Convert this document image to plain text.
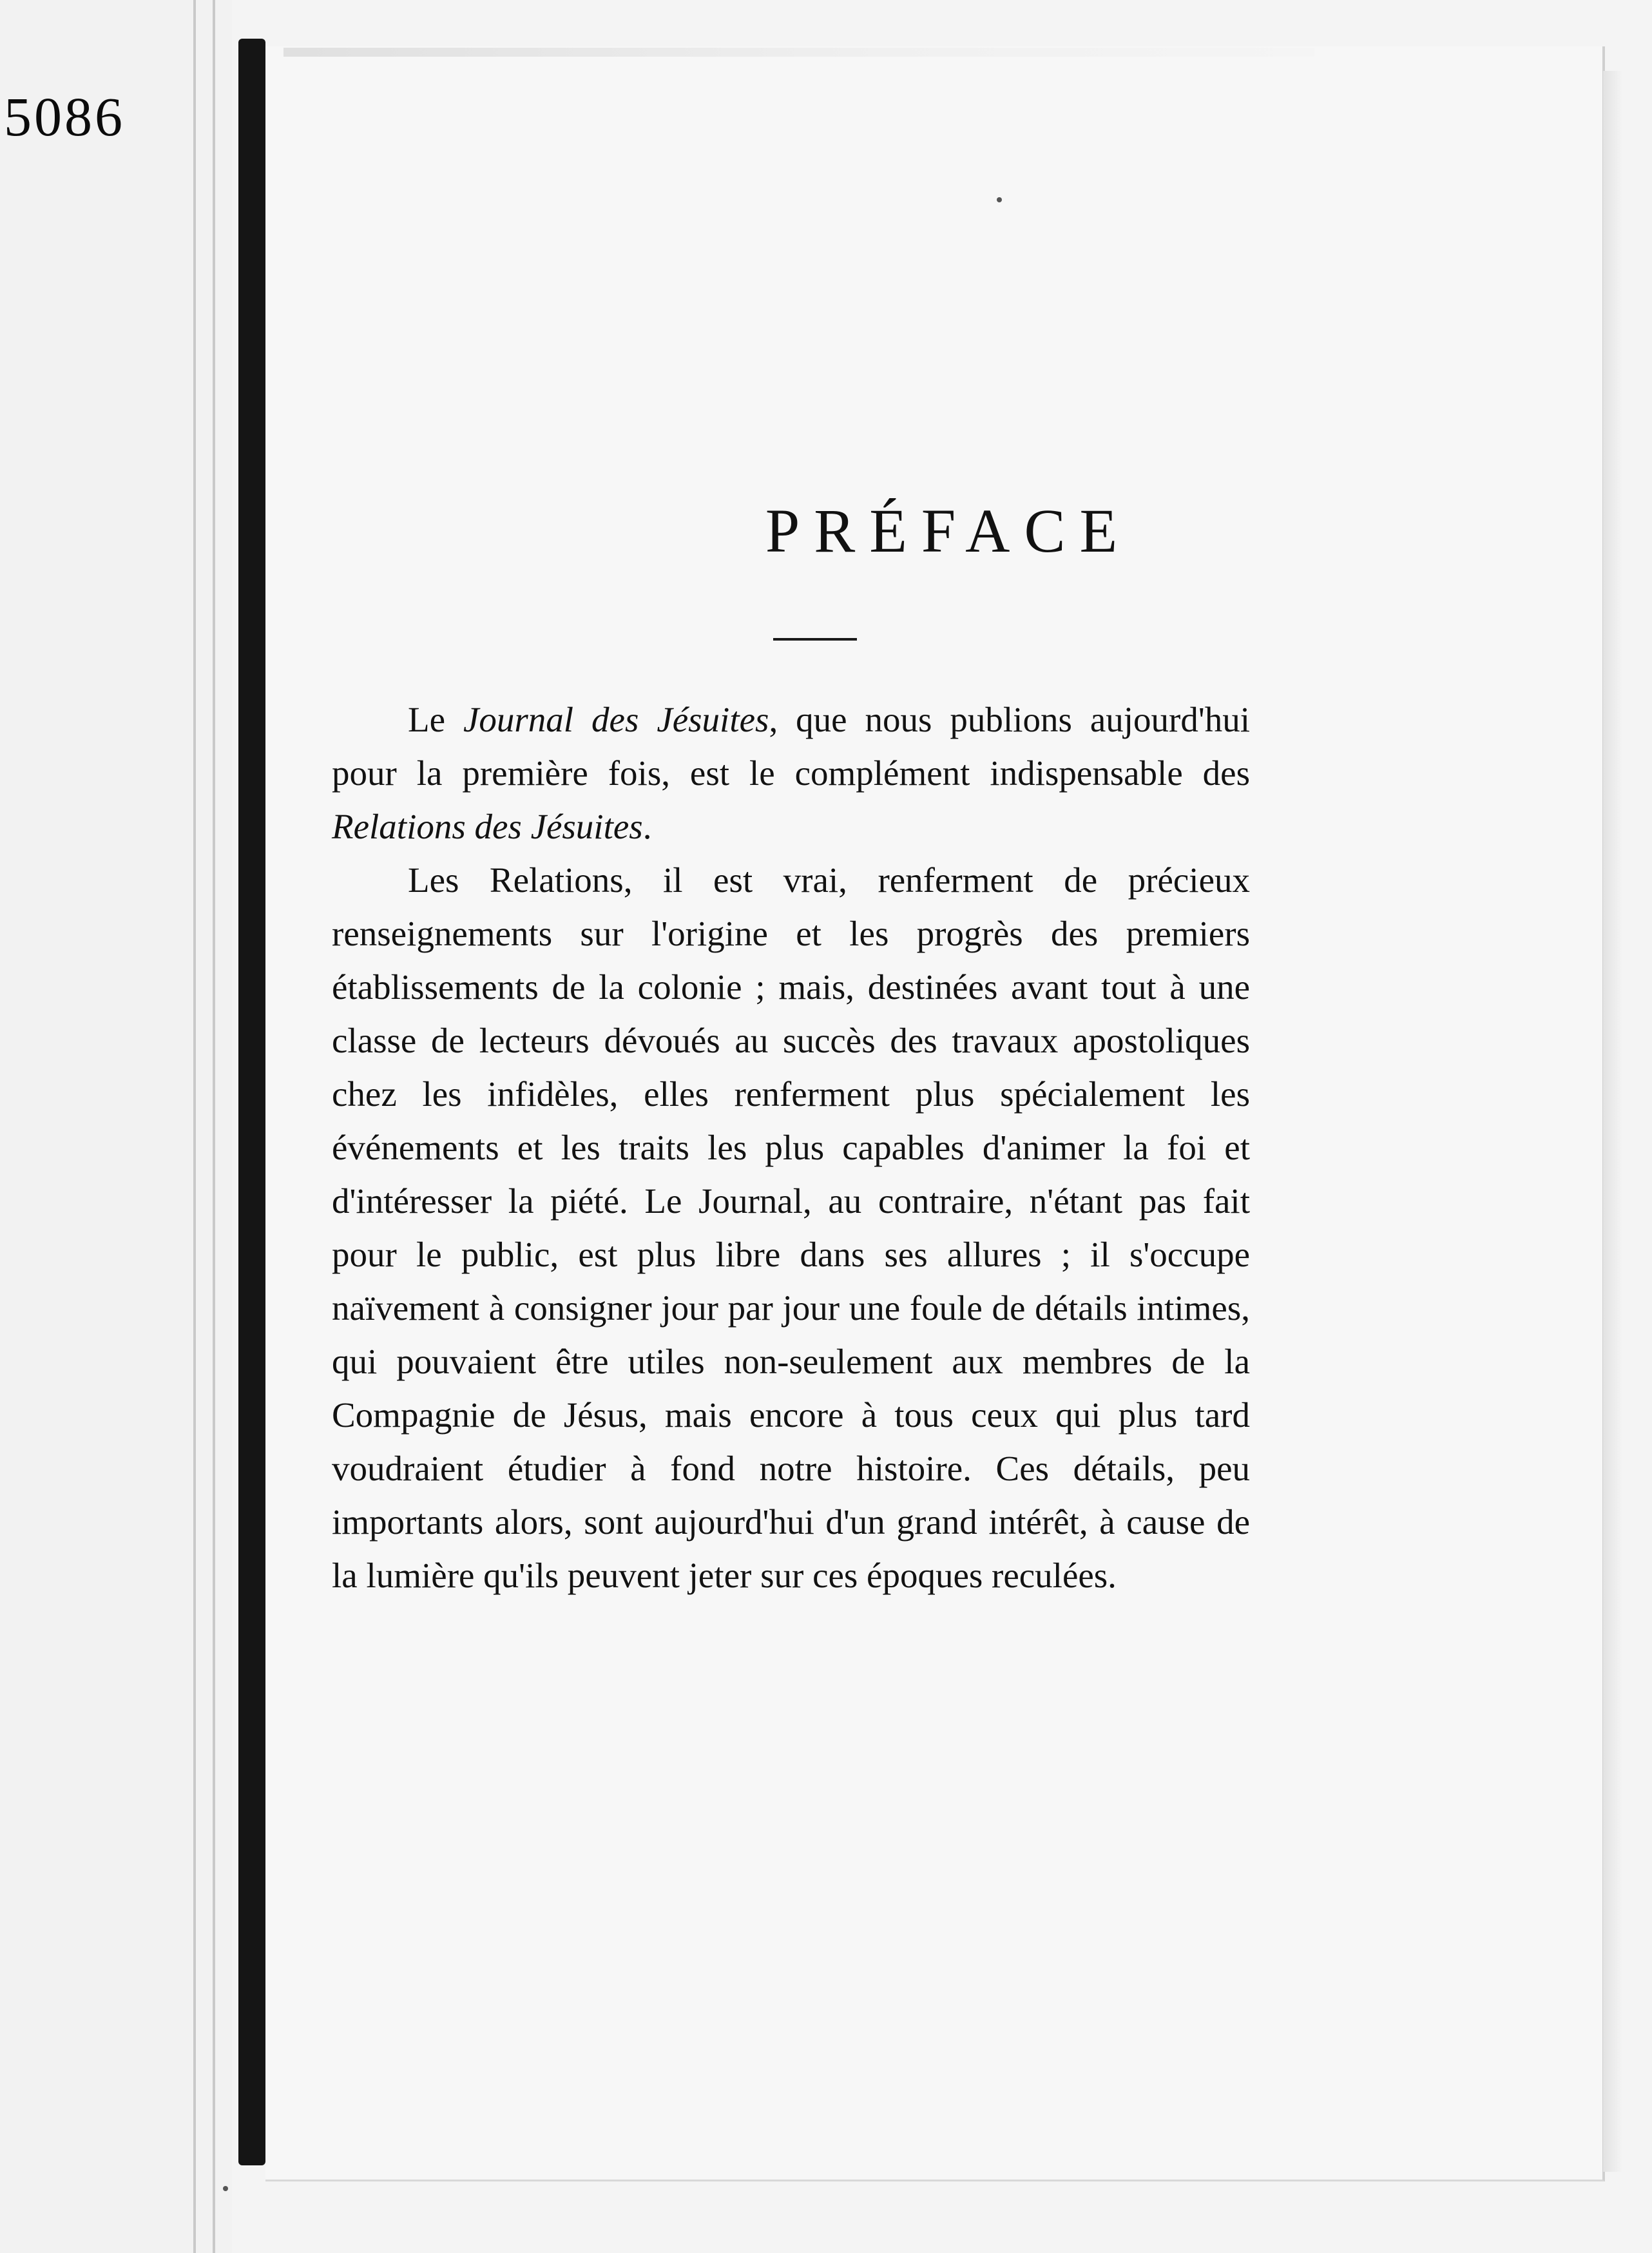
5086
PRÉFACE

Le Journal des Jésuites, que nous publions aujourd'hui pour la première fois, est le complément indispensable des Relations des Jésuites.

Les Relations, il est vrai, renferment de précieux renseignements sur l'origine et les progrès des premiers établissements de la colonie ; mais, destinées avant tout à une classe de lecteurs dévoués au succès des travaux apostoliques chez les infidèles, elles renferment plus spécialement les événements et les traits les plus capables d'animer la foi et d'intéresser la piété. Le Journal, au contraire, n'étant pas fait pour le public, est plus libre dans ses allures ; il s'occupe naïvement à consigner jour par jour une foule de détails intimes, qui pouvaient être utiles non-seulement aux membres de la Compagnie de Jésus, mais encore à tous ceux qui plus tard voudraient étudier à fond notre histoire. Ces détails, peu importants alors, sont aujourd'hui d'un grand intérêt, à cause de la lumière qu'ils peuvent jeter sur ces époques reculées.
